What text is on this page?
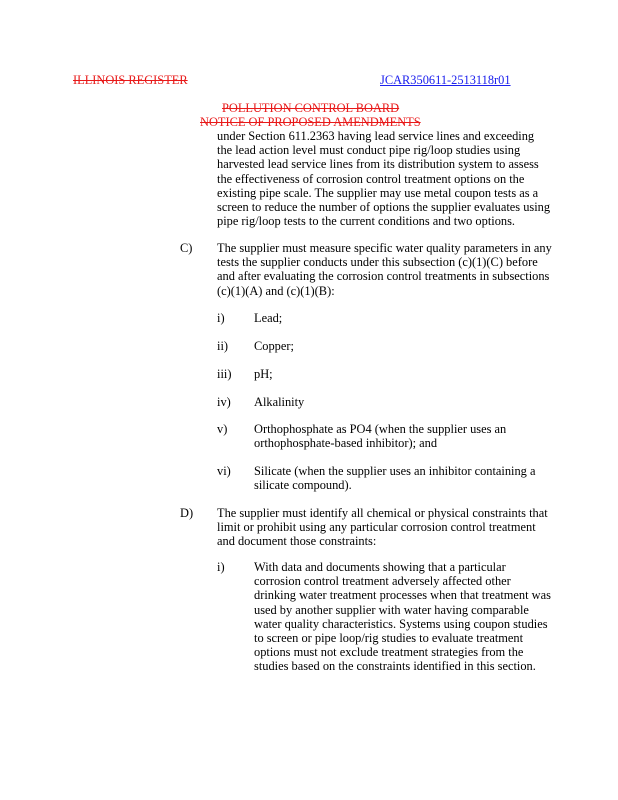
ILLINOIS REGISTER	JCAR350611-2513118r01
POLLUTION CONTROL BOARD
NOTICE OF PROPOSED AMENDMENTS
under Section 611.2363 having lead service lines and exceeding
the lead action level must conduct pipe rig/loop studies using
harvested lead service lines from its distribution system to assess
the effectiveness of corrosion control treatment options on the
existing pipe scale. The supplier may use metal coupon tests as a
screen to reduce the number of options the supplier evaluates using
pipe rig/loop tests to the current conditions and two options.
C) The supplier must measure specific water quality parameters in any
tests the supplier conducts under this subsection (c)(1)(C) before
and after evaluating the corrosion control treatments in subsections
(c)(1)(A) and (c)(1)(B):
i) Lead;
ii) Copper;
iii) pH;
iv) Alkalinity
v) Orthophosphate as PO4 (when the supplier uses an
orthophosphate-based inhibitor); and
vi) Silicate (when the supplier uses an inhibitor containing a
silicate compound).
D) The supplier must identify all chemical or physical constraints that
limit or prohibit using any particular corrosion control treatment
and document those constraints:
i) With data and documents showing that a particular
corrosion control treatment adversely affected other
drinking water treatment processes when that treatment was
used by another supplier with water having comparable
water quality characteristics. Systems using coupon studies
to screen or pipe loop/rig studies to evaluate treatment
options must not exclude treatment strategies from the
studies based on the constraints identified in this section.
